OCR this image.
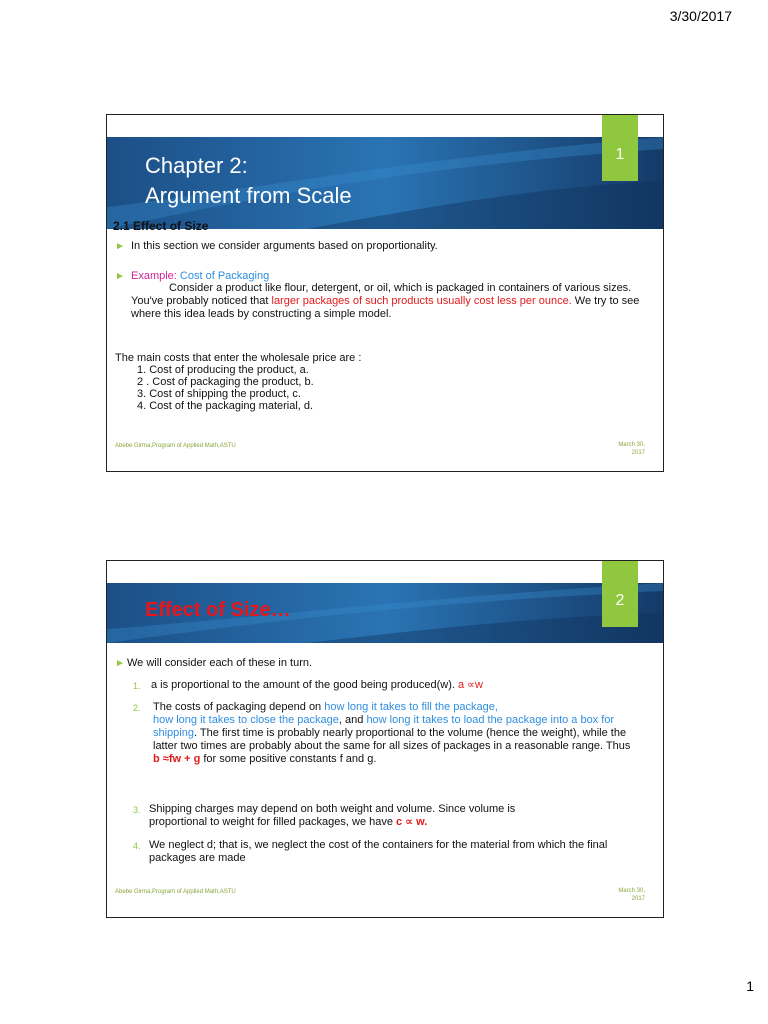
3/30/2017
Chapter 2:
Argument from Scale
1
2.1 Effect of Size
► In this section we consider arguments based on proportionality.
► Example: Cost of Packaging
Consider a product like flour, detergent, or oil, which is packaged in containers of various sizes. You've probably noticed that larger packages of such products usually cost less per ounce. We try to see where this idea leads by constructing a simple model.
The main costs that enter the wholesale price are :
1. Cost of producing the product, a.
2 . Cost of packaging the product, b.
3. Cost of shipping the product, c.
4. Cost of the packaging material, d.
Abebe Girma,Program of Applied Math,ASTU	March 30,
2017
Effect of Size…	2
► We will consider each of these in turn.
1. a is proportional to the amount of the good being produced(w). a ∝w
2. The costs of packaging depend on how long it takes to fill the package,
how long it takes to close the package, and how long it takes to load the package into a box for shipping. The first time is probably nearly proportional to the volume (hence the weight), while the latter two times are probably about the same for all sizes of packages in a reasonable range. Thus
b ≈fw + g for some positive constants f and g.
3. Shipping charges may depend on both weight and volume. Since volume is proportional to weight for filled packages, we have c ∝ w.
4. We neglect d; that is, we neglect the cost of the containers for the material from which the final packages are made
Abebe Girma,Program of Applied Math,ASTU	March 30,
2017
1
